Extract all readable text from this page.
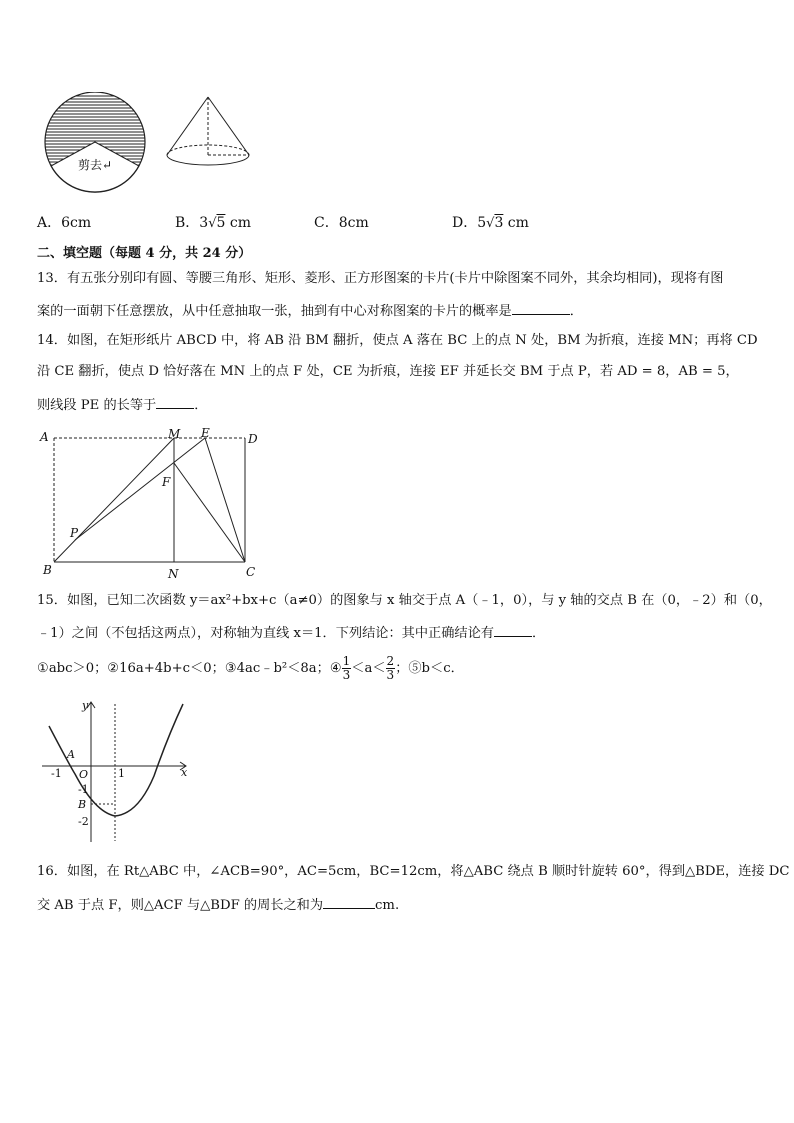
剪去↵
A．6cm	B．3√5 cm	C．8cm	D．5√3 cm
二、填空题（每题 4 分，共 24 分）
13．有五张分别印有圆、等腰三角形、矩形、菱形、正方形图案的卡片(卡片中除图案不同外，其余均相同)，现将有图
案的一面朝下任意摆放，从中任意抽取一张，抽到有中心对称图案的卡片的概率是	．
14．如图，在矩形纸片 ABCD 中，将 AB 沿 BM 翻折，使点 A 落在 BC 上的点 N 处，BM 为折痕，连接 MN；再将 CD
沿 CE 翻折，使点 D 恰好落在 MN 上的点 F 处，CE 为折痕，连接 EF 并延长交 BM 于点 P，若 AD = 8，AB = 5，
则线段 PE 的长等于	．
A	M E	D
F
P
B	N	C
15．如图，已知二次函数 y＝ax²+bx+c（a≠0）的图象与 x 轴交于点 A（﹣1，0），与 y 轴的交点 B 在（0，﹣2）和（0，
﹣1）之间（不包括这两点），对称轴为直线 x＝1．下列结论：其中正确结论有	．
①abc＞0；②16a+4b+c＜0；③4ac﹣b²＜8a；④ $\frac{1}{3} <a< \frac{2}{3}$ ；⑤b＜c．
y
x
A
O
-1	1
-1
B
-2
16．如图，在 Rt△ABC 中，∠ACB=90°，AC=5cm，BC=12cm，将△ABC 绕点 B 顺时针旋转 60°，得到△BDE，连接 DC
交 AB 于点 F，则△ACF 与△BDF 的周长之和为	cm.
